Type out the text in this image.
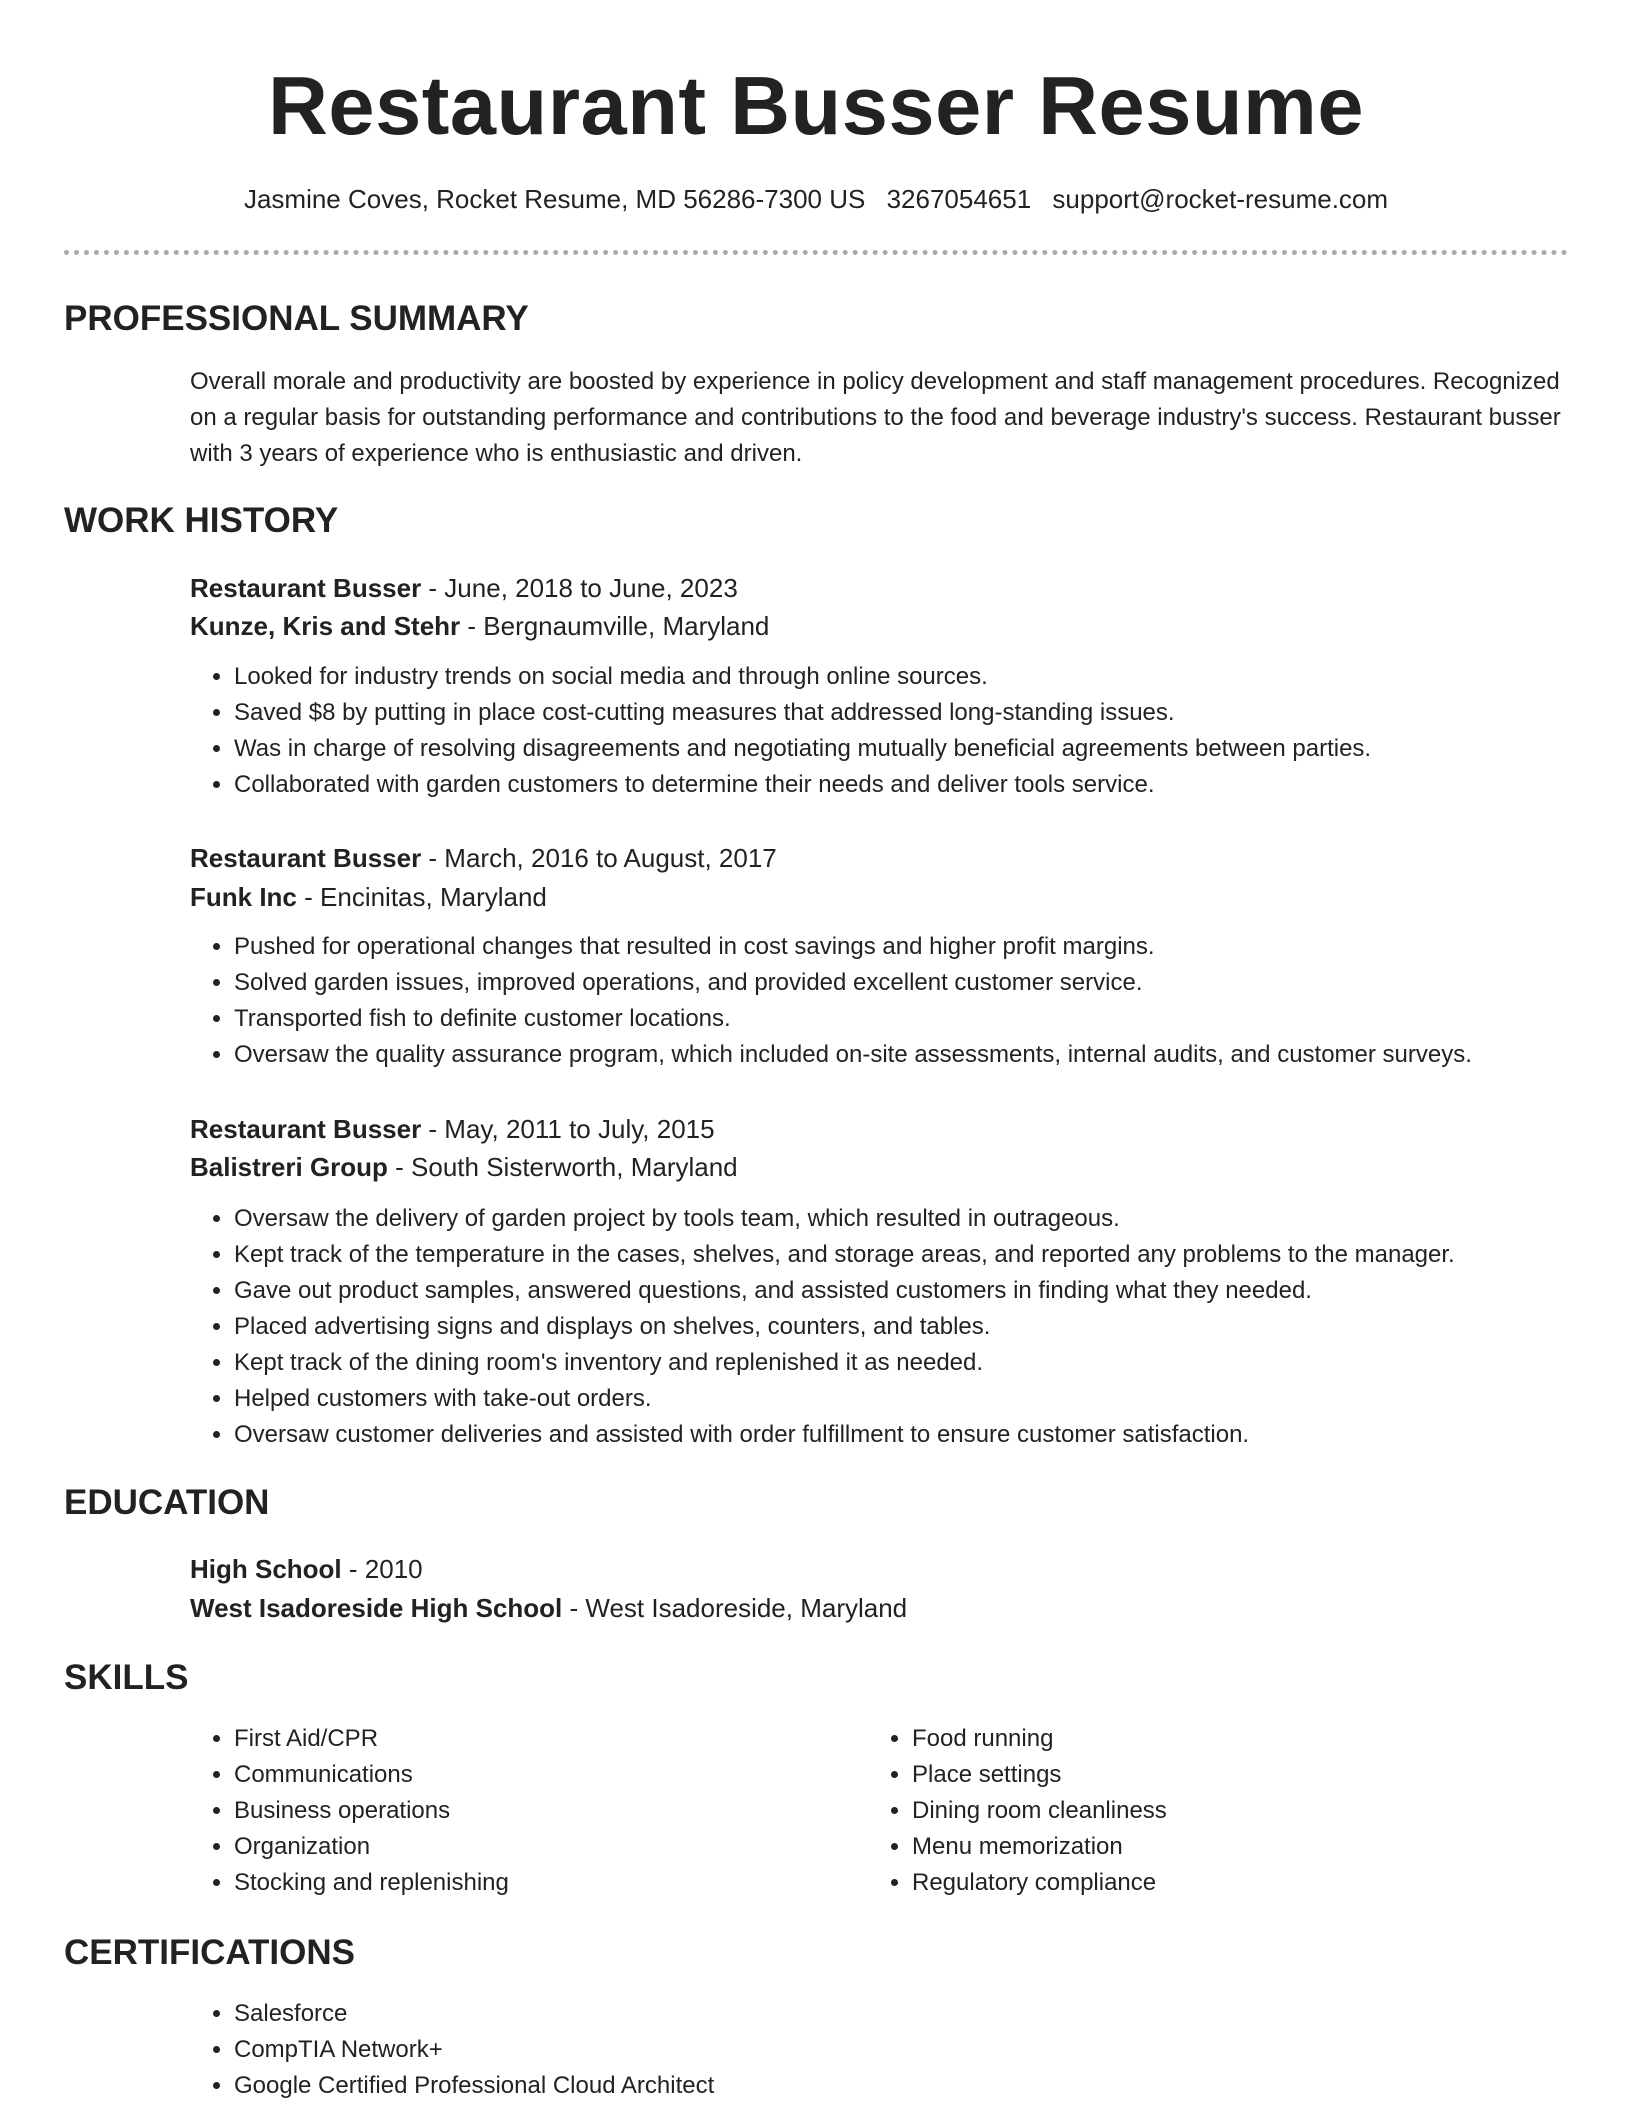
Restaurant Busser Resume
Jasmine Coves, Rocket Resume, MD 56286-7300 US 3267054651 support@rocket-resume.com
PROFESSIONAL SUMMARY
Overall morale and productivity are boosted by experience in policy development and staff management procedures. Recognized on a regular basis for outstanding performance and contributions to the food and beverage industry's success. Restaurant busser with 3 years of experience who is enthusiastic and driven.
WORK HISTORY
Restaurant Busser - June, 2018 to June, 2023
Kunze, Kris and Stehr - Bergnaumville, Maryland
• Looked for industry trends on social media and through online sources.
• Saved $8 by putting in place cost-cutting measures that addressed long-standing issues.
• Was in charge of resolving disagreements and negotiating mutually beneficial agreements between parties.
• Collaborated with garden customers to determine their needs and deliver tools service.
Restaurant Busser - March, 2016 to August, 2017
Funk Inc - Encinitas, Maryland
• Pushed for operational changes that resulted in cost savings and higher profit margins.
• Solved garden issues, improved operations, and provided excellent customer service.
• Transported fish to definite customer locations.
• Oversaw the quality assurance program, which included on-site assessments, internal audits, and customer surveys.
Restaurant Busser - May, 2011 to July, 2015
Balistreri Group - South Sisterworth, Maryland
• Oversaw the delivery of garden project by tools team, which resulted in outrageous.
• Kept track of the temperature in the cases, shelves, and storage areas, and reported any problems to the manager.
• Gave out product samples, answered questions, and assisted customers in finding what they needed.
• Placed advertising signs and displays on shelves, counters, and tables.
• Kept track of the dining room's inventory and replenished it as needed.
• Helped customers with take-out orders.
• Oversaw customer deliveries and assisted with order fulfillment to ensure customer satisfaction.
EDUCATION
High School - 2010
West Isadoreside High School - West Isadoreside, Maryland
SKILLS
• First Aid/CPR
• Communications
• Business operations
• Organization
• Stocking and replenishing
• Food running
• Place settings
• Dining room cleanliness
• Menu memorization
• Regulatory compliance
CERTIFICATIONS
• Salesforce
• CompTIA Network+
• Google Certified Professional Cloud Architect
